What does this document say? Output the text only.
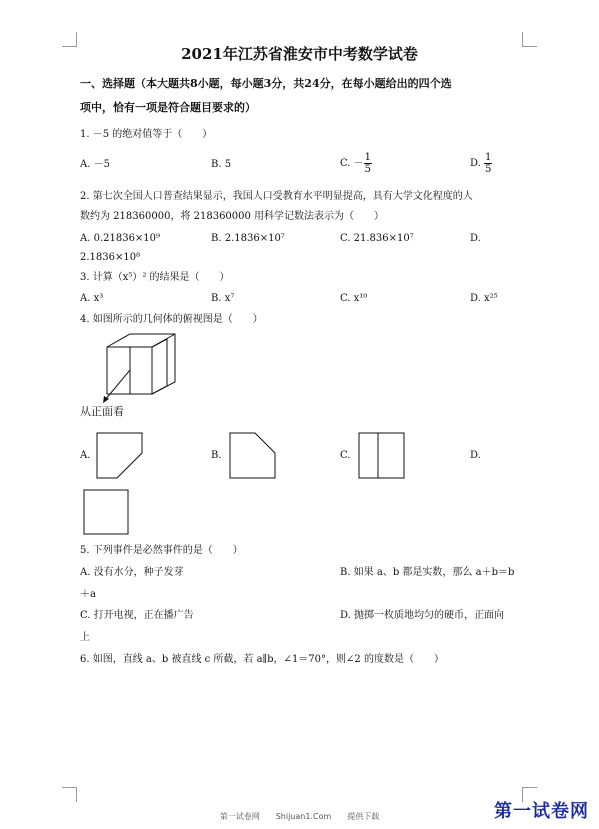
2021年江苏省淮安市中考数学试卷
一、选择题（本大题共8小题，每小题3分，共24分，在每小题给出的四个选
项中，恰有一项是符合题目要求的）
1. －5 的绝对值等于（　　）
A. －5	B. 5	C. － $\frac{1}{5}$	D. $\frac{1}{5}$
2. 第七次全国人口普查结果显示，我国人口受教育水平明显提高，具有大学文化程度的人
数约为 218360000，将 218360000 用科学记数法表示为（　　）
A. 0.21836×10⁹	B. 2.1836×10⁷	C. 21.836×10⁷	D.
2.1836×10⁸
3. 计算（x⁵）² 的结果是（　　）
A. x³	B. x⁷	C. x¹⁰	D. x²⁵
4. 如图所示的几何体的俯视图是（　　）
从正面看
A.	B.	C.	D.
5. 下列事件是必然事件的是（　　）
A. 没有水分，种子发芽	B. 如果 a、b 都是实数，那么 a＋b＝b
＋a
C. 打开电视，正在播广告	D. 抛掷一枚质地均匀的硬币，正面向
上
6. 如图，直线 a、b 被直线 c 所截，若 a∥b，∠1＝70°，则∠2 的度数是（　　）
第一试卷网　　Shijuan1.Com　　提供下载	第一试卷网
